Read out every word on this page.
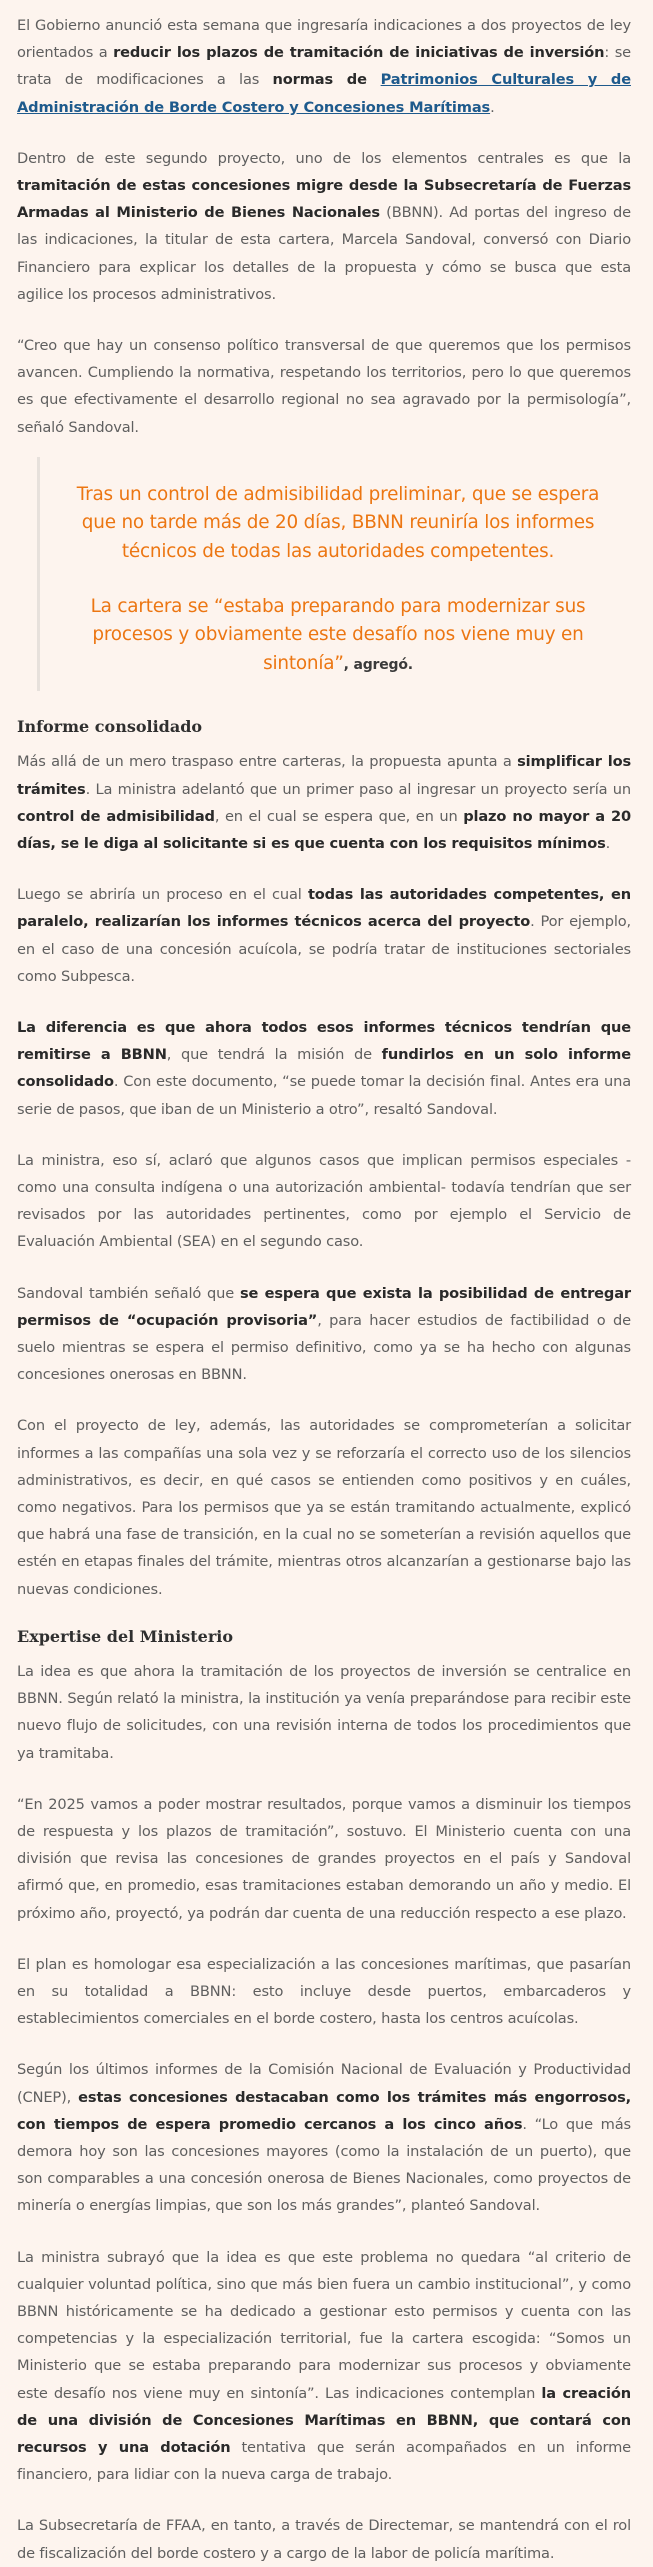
El Gobierno anunció esta semana que ingresaría indicaciones a dos proyectos de ley orientados a reducir los plazos de tramitación de iniciativas de inversión: se trata de modificaciones a las normas de Patrimonios Culturales y de Administración de Borde Costero y Concesiones Marítimas.

Dentro de este segundo proyecto, uno de los elementos centrales es que la tramitación de estas concesiones migre desde la Subsecretaría de Fuerzas Armadas al Ministerio de Bienes Nacionales (BBNN). Ad portas del ingreso de las indicaciones, la titular de esta cartera, Marcela Sandoval, conversó con Diario Financiero para explicar los detalles de la propuesta y cómo se busca que esta agilice los procesos administrativos.

“Creo que hay un consenso político transversal de que queremos que los permisos avancen. Cumpliendo la normativa, respetando los territorios, pero lo que queremos es que efectivamente el desarrollo regional no sea agravado por la permisología”, señaló Sandoval.

Tras un control de admisibilidad preliminar, que se espera que no tarde más de 20 días, BBNN reuniría los informes técnicos de todas las autoridades competentes.

La cartera se “estaba preparando para modernizar sus procesos y obviamente este desafío nos viene muy en sintonía”, agregó.

Informe consolidado

Más allá de un mero traspaso entre carteras, la propuesta apunta a simplificar los trámites. La ministra adelantó que un primer paso al ingresar un proyecto sería un control de admisibilidad, en el cual se espera que, en un plazo no mayor a 20 días, se le diga al solicitante si es que cuenta con los requisitos mínimos.

Luego se abriría un proceso en el cual todas las autoridades competentes, en paralelo, realizarían los informes técnicos acerca del proyecto. Por ejemplo, en el caso de una concesión acuícola, se podría tratar de instituciones sectoriales como Subpesca.

La diferencia es que ahora todos esos informes técnicos tendrían que remitirse a BBNN, que tendrá la misión de fundirlos en un solo informe consolidado. Con este documento, “se puede tomar la decisión final. Antes era una serie de pasos, que iban de un Ministerio a otro”, resaltó Sandoval.

La ministra, eso sí, aclaró que algunos casos que implican permisos especiales -como una consulta indígena o una autorización ambiental- todavía tendrían que ser revisados por las autoridades pertinentes, como por ejemplo el Servicio de Evaluación Ambiental (SEA) en el segundo caso.

Sandoval también señaló que se espera que exista la posibilidad de entregar permisos de “ocupación provisoria”, para hacer estudios de factibilidad o de suelo mientras se espera el permiso definitivo, como ya se ha hecho con algunas concesiones onerosas en BBNN.

Con el proyecto de ley, además, las autoridades se comprometerían a solicitar informes a las compañías una sola vez y se reforzaría el correcto uso de los silencios administrativos, es decir, en qué casos se entienden como positivos y en cuáles, como negativos. Para los permisos que ya se están tramitando actualmente, explicó que habrá una fase de transición, en la cual no se someterían a revisión aquellos que estén en etapas finales del trámite, mientras otros alcanzarían a gestionarse bajo las nuevas condiciones.

Expertise del Ministerio

La idea es que ahora la tramitación de los proyectos de inversión se centralice en BBNN. Según relató la ministra, la institución ya venía preparándose para recibir este nuevo flujo de solicitudes, con una revisión interna de todos los procedimientos que ya tramitaba.

“En 2025 vamos a poder mostrar resultados, porque vamos a disminuir los tiempos de respuesta y los plazos de tramitación”, sostuvo. El Ministerio cuenta con una división que revisa las concesiones de grandes proyectos en el país y Sandoval afirmó que, en promedio, esas tramitaciones estaban demorando un año y medio. El próximo año, proyectó, ya podrán dar cuenta de una reducción respecto a ese plazo.

El plan es homologar esa especialización a las concesiones marítimas, que pasarían en su totalidad a BBNN: esto incluye desde puertos, embarcaderos y establecimientos comerciales en el borde costero, hasta los centros acuícolas.

Según los últimos informes de la Comisión Nacional de Evaluación y Productividad (CNEP), estas concesiones destacaban como los trámites más engorrosos, con tiempos de espera promedio cercanos a los cinco años. “Lo que más demora hoy son las concesiones mayores (como la instalación de un puerto), que son comparables a una concesión onerosa de Bienes Nacionales, como proyectos de minería o energías limpias, que son los más grandes”, planteó Sandoval.

La ministra subrayó que la idea es que este problema no quedara “al criterio de cualquier voluntad política, sino que más bien fuera un cambio institucional”, y como BBNN históricamente se ha dedicado a gestionar esto permisos y cuenta con las competencias y la especialización territorial, fue la cartera escogida: “Somos un Ministerio que se estaba preparando para modernizar sus procesos y obviamente este desafío nos viene muy en sintonía”. Las indicaciones contemplan la creación de una división de Concesiones Marítimas en BBNN, que contará con recursos y una dotación tentativa que serán acompañados en un informe financiero, para lidiar con la nueva carga de trabajo.

La Subsecretaría de FFAA, en tanto, a través de Directemar, se mantendrá con el rol de fiscalización del borde costero y a cargo de la labor de policía marítima.
